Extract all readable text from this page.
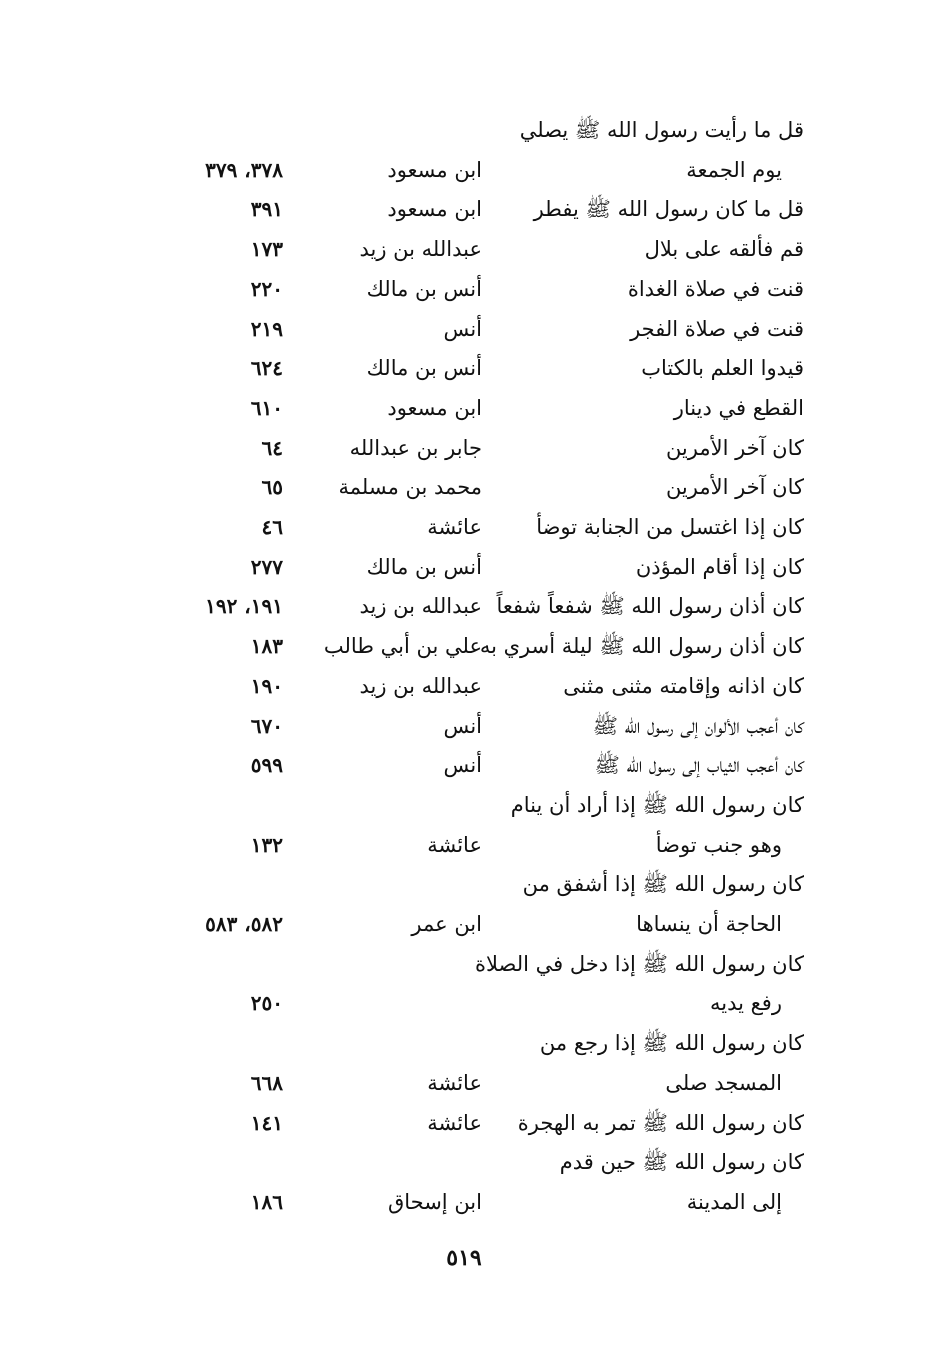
قل ما رأيت رسول الله ﷺ يصلي
يوم الجمعة
ابن مسعود
٣٧٨، ٣٧٩
قل ما كان رسول الله ﷺ يفطر
ابن مسعود
٣٩١
قم فألقه على بلال
عبدالله بن زيد
١٧٣
قنت في صلاة الغداة
أنس بن مالك
٢٢٠
قنت في صلاة الفجر
أنس
٢١٩
قيدوا العلم بالكتاب
أنس بن مالك
٦٢٤
القطع في دينار
ابن مسعود
٦١٠
كان آخر الأمرين
جابر بن عبدالله
٦٤
كان آخر الأمرين
محمد بن مسلمة
٦٥
كان إذا اغتسل من الجنابة توضأ
عائشة
٤٦
كان إذا أقام المؤذن
أنس بن مالك
٢٧٧
كان أذان رسول الله ﷺ شفعاً شفعاً
عبدالله بن زيد
١٩١، ١٩٢
كان أذان رسول الله ﷺ ليلة أسري به
علي بن أبي طالب
١٨٣
كان اذانه وإقامته مثنى مثنى
عبدالله بن زيد
١٩٠
كان أعجب الألوان إلى رسول الله ﷺ
أنس
٦٧٠
كان أعجب الثياب إلى رسول الله ﷺ
أنس
٥٩٩
كان رسول الله ﷺ إذا أراد أن ينام
وهو جنب توضأ
عائشة
١٣٢
كان رسول الله ﷺ إذا أشفق من
الحاجة أن ينساها
ابن عمر
٥٨٢، ٥٨٣
كان رسول الله ﷺ إذا دخل في الصلاة
رفع يديه
٢٥٠
كان رسول الله ﷺ إذا رجع من
المسجد صلى
عائشة
٦٦٨
كان رسول الله ﷺ تمر به الهجرة
عائشة
١٤١
كان رسول الله ﷺ حين قدم
إلى المدينة
ابن إسحاق
١٨٦
٥١٩
